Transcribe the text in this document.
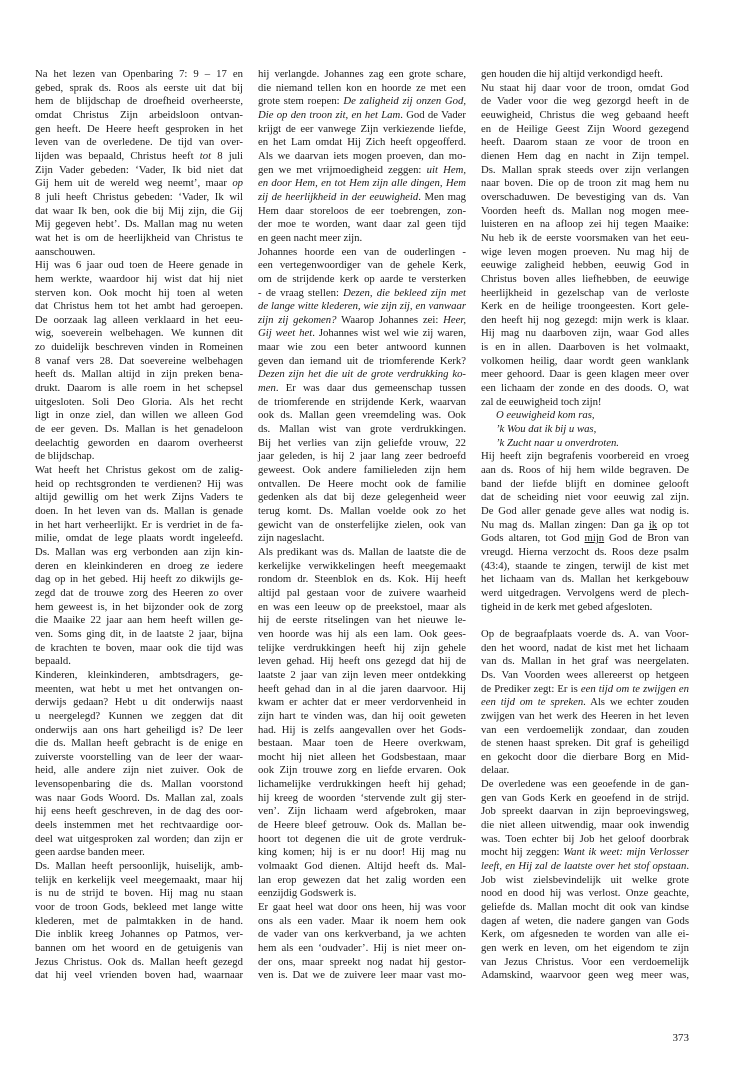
Na het lezen van Openbaring 7: 9 – 17 en
gebed, sprak ds. Roos als eerste uit dat bij
hem de blijdschap de droefheid overheerste,
omdat Christus Zijn arbeidsloon ontvan-
gen heeft. De Heere heeft gesproken in het
leven van de overledene. De tijd van over-
lijden was bepaald, Christus heeft tot 8 juli
Zijn Vader gebeden: ‘Vader, Ik bid niet dat
Gij hem uit de wereld weg neemt’, maar op
8 juli heeft Christus gebeden: ‘Vader, Ik wil
dat waar Ik ben, ook die bij Mij zijn, die Gij
Mij gegeven hebt’. Ds. Mallan mag nu weten
wat het is om de heerlijkheid van Christus te
aanschouwen.
Hij was 6 jaar oud toen de Heere genade in
hem werkte, waardoor hij wist dat hij niet
sterven kon. Ook mocht hij toen al weten
dat Christus hem tot het ambt had geroepen.
De oorzaak lag alleen verklaard in het eeu-
wig, soeverein welbehagen. We kunnen dit
zo duidelijk beschreven vinden in Romeinen
8 vanaf vers 28. Dat soevereine welbehagen
heeft ds. Mallan altijd in zijn preken bena-
drukt. Daarom is alle roem in het schepsel
uitgesloten. Soli Deo Gloria. Als het recht
ligt in onze ziel, dan willen we alleen God
de eer geven. Ds. Mallan is het genadeloon
deelachtig geworden en daarom overheerst
de blijdschap.
Wat heeft het Christus gekost om de zalig-
heid op rechtsgronden te verdienen? Hij was
altijd gewillig om het werk Zijns Vaders te
doen. In het leven van ds. Mallan is genade
in het hart verheerlijkt. Er is verdriet in de fa-
milie, omdat de lege plaats wordt ingeleefd.
Ds. Mallan was erg verbonden aan zijn kin-
deren en kleinkinderen en droeg ze iedere
dag op in het gebed. Hij heeft zo dikwijls ge-
zegd dat de trouwe zorg des Heeren zo over
hem geweest is, in het bijzonder ook de zorg
die Maaike 22 jaar aan hem heeft willen ge-
ven. Soms ging dit, in de laatste 2 jaar, bijna
de krachten te boven, maar ook die tijd was
bepaald.
Kinderen, kleinkinderen, ambtsdragers, ge-
meenten, wat hebt u met het ontvangen on-
derwijs gedaan? Hebt u dit onderwijs naast
u neergelegd? Kunnen we zeggen dat dit
onderwijs aan ons hart geheiligd is? De leer
die ds. Mallan heeft gebracht is de enige en
zuiverste voorstelling van de leer der waar-
heid, alle andere zijn niet zuiver. Ook de
levensopenbaring die ds. Mallan voorstond
was naar Gods Woord. Ds. Mallan zal, zoals
hij eens heeft geschreven, in de dag des oor-
deels instemmen met het rechtvaardige oor-
deel wat uitgesproken zal worden; dan zijn er
geen aardse banden meer.
Ds. Mallan heeft persoonlijk, huiselijk, amb-
telijk en kerkelijk veel meegemaakt, maar hij
is nu de strijd te boven. Hij mag nu staan
voor de troon Gods, bekleed met lange witte
klederen, met de palmtakken in de hand.
Die inblik kreeg Johannes op Patmos, ver-
bannen om het woord en de getuigenis van
Jezus Christus. Ook ds. Mallan heeft gezegd
dat hij veel vrienden boven had, waarnaar
hij verlangde. Johannes zag een grote schare,
die niemand tellen kon en hoorde ze met een
grote stem roepen: De zaligheid zij onzen God,
Die op den troon zit, en het Lam. God de Vader
krijgt de eer vanwege Zijn verkiezende liefde,
en het Lam omdat Hij Zich heeft opgeofferd.
Als we daarvan iets mogen proeven, dan mo-
gen we met vrijmoedigheid zeggen: uit Hem,
en door Hem, en tot Hem zijn alle dingen, Hem
zij de heerlijkheid in der eeuwigheid. Men mag
Hem daar storeloos de eer toebrengen, zon-
der moe te worden, want daar zal geen tijd
en geen nacht meer zijn.
Johannes hoorde een van de ouderlingen -
een vertegenwoordiger van de gehele Kerk,
om de strijdende kerk op aarde te versterken
- de vraag stellen: Dezen, die bekleed zijn met
de lange witte klederen, wie zijn zij, en vanwaar
zijn zij gekomen? Waarop Johannes zei: Heer,
Gij weet het. Johannes wist wel wie zij waren,
maar wie zou een beter antwoord kunnen
geven dan iemand uit de triomferende Kerk?
Dezen zijn het die uit de grote verdrukking ko-
men. Er was daar dus gemeenschap tussen
de triomferende en strijdende Kerk, waarvan
ook ds. Mallan geen vreemdeling was. Ook
ds. Mallan wist van grote verdrukkingen.
Bij het verlies van zijn geliefde vrouw, 22
jaar geleden, is hij 2 jaar lang zeer bedroefd
geweest. Ook andere familieleden zijn hem
ontvallen. De Heere mocht ook de familie
gedenken als dat bij deze gelegenheid weer
terug komt. Ds. Mallan voelde ook zo het
gewicht van de onsterfelijke zielen, ook van
zijn nageslacht.
Als predikant was ds. Mallan de laatste die de
kerkelijke verwikkelingen heeft meegemaakt
rondom dr. Steenblok en ds. Kok. Hij heeft
altijd pal gestaan voor de zuivere waarheid
en was een leeuw op de preekstoel, maar als
hij de eerste ritselingen van het nieuwe le-
ven hoorde was hij als een lam. Ook gees-
telijke verdrukkingen heeft hij zijn gehele
leven gehad. Hij heeft ons gezegd dat hij de
laatste 2 jaar van zijn leven meer ontdekking
heeft gehad dan in al die jaren daarvoor. Hij
kwam er achter dat er meer verdorvenheid in
zijn hart te vinden was, dan hij ooit geweten
had. Hij is zelfs aangevallen over het Gods-
bestaan. Maar toen de Heere overkwam,
mocht hij niet alleen het Godsbestaan, maar
ook Zijn trouwe zorg en liefde ervaren. Ook
lichamelijke verdrukkingen heeft hij gehad;
hij kreeg de woorden ‘stervende zult gij ster-
ven’. Zijn lichaam werd afgebroken, maar
de Heere bleef getrouw. Ook ds. Mallan be-
hoort tot degenen die uit de grote verdruk-
king komen; hij is er nu door! Hij mag nu
volmaakt God dienen. Altijd heeft ds. Mal-
lan erop gewezen dat het zalig worden een
eenzijdig Godswerk is.
Er gaat heel wat door ons heen, hij was voor
ons als een vader. Maar ik noem hem ook
de vader van ons kerkverband, ja we achten
hem als een ‘oudvader’. Hij is niet meer on-
der ons, maar spreekt nog nadat hij gestor-
ven is. Dat we de zuivere leer maar vast mo-
gen houden die hij altijd verkondigd heeft.
Nu staat hij daar voor de troon, omdat God
de Vader voor die weg gezorgd heeft in de
eeuwigheid, Christus die weg gebaand heeft
en de Heilige Geest Zijn Woord gezegend
heeft. Daarom staan ze voor de troon en
dienen Hem dag en nacht in Zijn tempel.
Ds. Mallan sprak steeds over zijn verlangen
naar boven. Die op de troon zit mag hem nu
overschaduwen. De bevestiging van ds. Van
Voorden heeft ds. Mallan nog mogen mee-
luisteren en na afloop zei hij tegen Maaike:
Nu heb ik de eerste voorsmaken van het eeu-
wige leven mogen proeven. Nu mag hij de
eeuwige zaligheid hebben, eeuwig God in
Christus boven alles liefhebben, de eeuwige
heerlijkheid in gezelschap van de verloste
Kerk en de heilige troongeesten. Kort gele-
den heeft hij nog gezegd: mijn werk is klaar.
Hij mag nu daarboven zijn, waar God alles
is en in allen. Daarboven is het volmaakt,
volkomen heilig, daar wordt geen wanklank
meer gehoord. Daar is geen klagen meer over
een lichaam der zonde en des doods. O, wat
zal de eeuwigheid toch zijn!
O eeuwigheid kom ras,
’k Wou dat ik bij u was,
’k Zucht naar u onverdroten.
Hij heeft zijn begrafenis voorbereid en vroeg
aan ds. Roos of hij hem wilde begraven. De
band der liefde blijft en dominee gelooft
dat de scheiding niet voor eeuwig zal zijn.
De God aller genade geve alles wat nodig is.
Nu mag ds. Mallan zingen: Dan ga ik op tot
Gods altaren, tot God mijn God de Bron van
vreugd. Hierna verzocht ds. Roos deze psalm
(43:4), staande te zingen, terwijl de kist met
het lichaam van ds. Mallan het kerkgebouw
werd uitgedragen. Vervolgens werd de plech-
tigheid in de kerk met gebed afgesloten.
Op de begraafplaats voerde ds. A. van Voor-
den het woord, nadat de kist met het lichaam
van ds. Mallan in het graf was neergelaten.
Ds. Van Voorden wees allereerst op hetgeen
de Prediker zegt: Er is een tijd om te zwijgen en
een tijd om te spreken. Als we echter zouden
zwijgen van het werk des Heeren in het leven
van een verdoemelijk zondaar, dan zouden
de stenen haast spreken. Dit graf is geheiligd
en gekocht door die dierbare Borg en Mid-
delaar.
De overledene was een geoefende in de gan-
gen van Gods Kerk en geoefend in de strijd.
Job spreekt daarvan in zijn beproevingsweg,
die niet alleen uitwendig, maar ook inwendig
was. Toen echter bij Job het geloof doorbrak
mocht hij zeggen: Want ik weet: mijn Verlosser
leeft, en Hij zal de laatste over het stof opstaan.
Job wist zielsbevindelijk uit welke grote
nood en dood hij was verlost. Onze geachte,
geliefde ds. Mallan mocht dit ook van kindse
dagen af weten, die nadere gangen van Gods
Kerk, om afgesneden te worden van alle ei-
gen werk en leven, om het eigendom te zijn
van Jezus Christus. Voor een verdoemelijk
Adamskind, waarvoor geen weg meer was,
373
